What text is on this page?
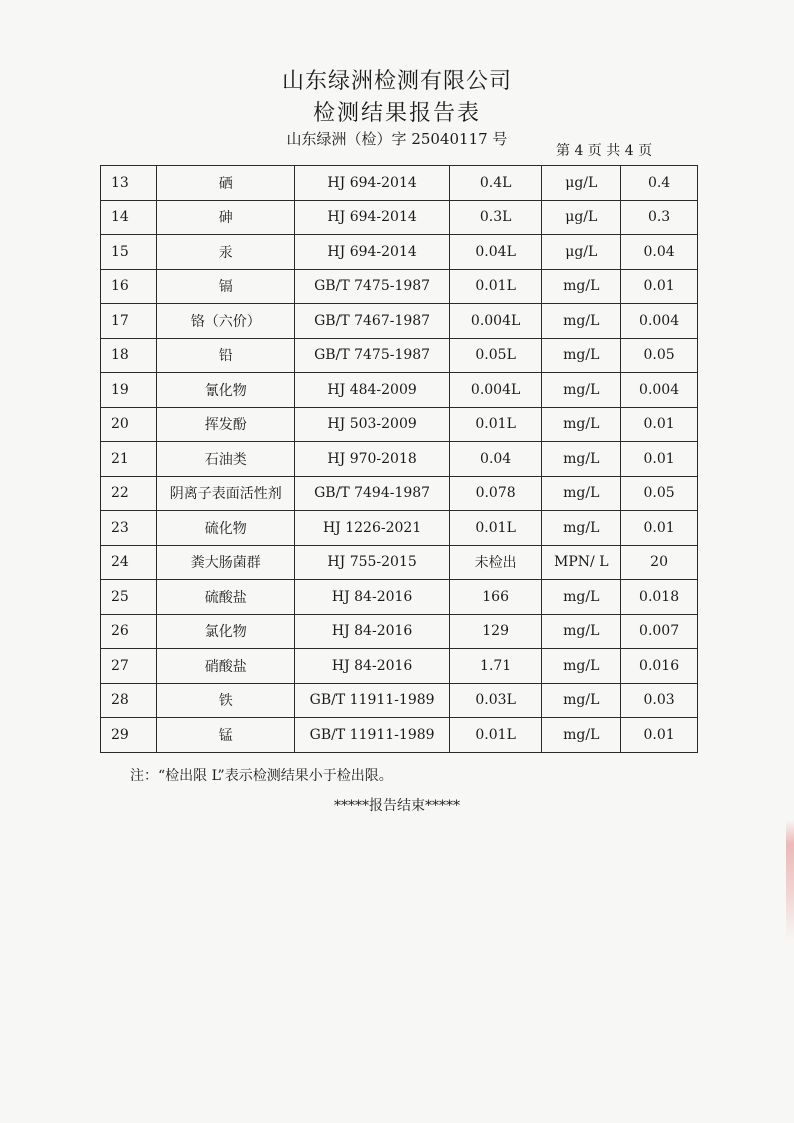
山东绿洲检测有限公司
检测结果报告表
山东绿洲（检）字 25040117 号
第 4 页 共 4 页
13	硒	HJ 694-2014	0.4L	μg/L	0.4
14	砷	HJ 694-2014	0.3L	μg/L	0.3
15	汞	HJ 694-2014	0.04L	μg/L	0.04
16	镉	GB/T 7475-1987	0.01L	mg/L	0.01
17	铬（六价）	GB/T 7467-1987	0.004L	mg/L	0.004
18	铅	GB/T 7475-1987	0.05L	mg/L	0.05
19	氰化物	HJ 484-2009	0.004L	mg/L	0.004
20	挥发酚	HJ 503-2009	0.01L	mg/L	0.01
21	石油类	HJ 970-2018	0.04	mg/L	0.01
22	阴离子表面活性剂	GB/T 7494-1987	0.078	mg/L	0.05
23	硫化物	HJ 1226-2021	0.01L	mg/L	0.01
24	粪大肠菌群	HJ 755-2015	未检出	MPN/ L	20
25	硫酸盐	HJ 84-2016	166	mg/L	0.018
26	氯化物	HJ 84-2016	129	mg/L	0.007
27	硝酸盐	HJ 84-2016	1.71	mg/L	0.016
28	铁	GB/T 11911-1989	0.03L	mg/L	0.03
29	锰	GB/T 11911-1989	0.01L	mg/L	0.01
注：“检出限 L”表示检测结果小于检出限。
*****报告结束*****
